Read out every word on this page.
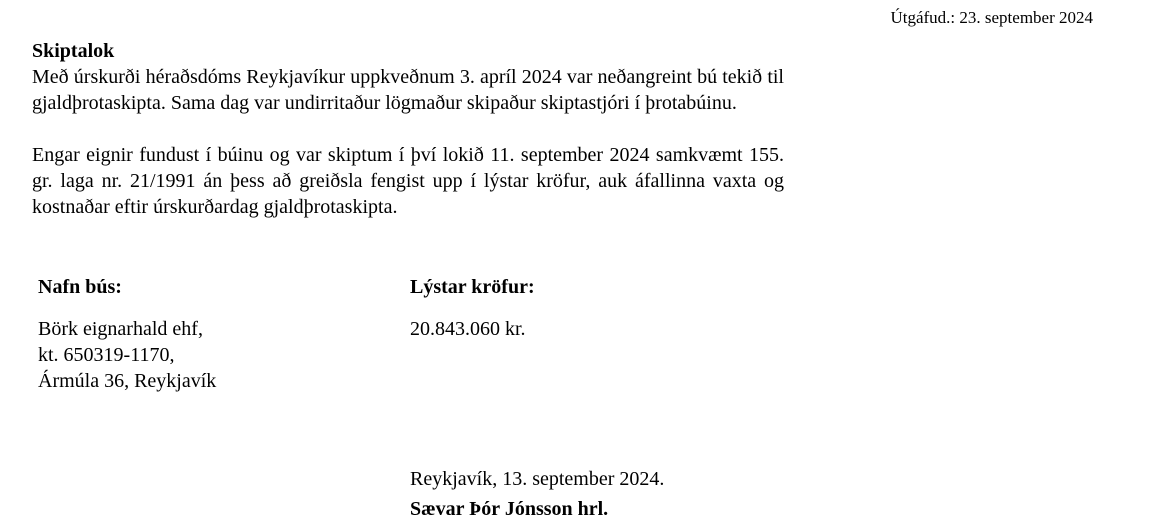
Útgáfud.: 23. september 2024
Skiptalok

Með úrskurði héraðsdóms Reykjavíkur uppkveðnum 3. apríl 2024 var neðangreint bú tekið til gjaldþrotaskipta. Sama dag var undirritaður lögmaður skipaður skiptastjóri í þrotabúinu.

Engar eignir fundust í búinu og var skiptum í því lokið 11. september 2024 samkvæmt 155. gr. laga nr. 21/1991 án þess að greiðsla fengist upp í lýstar kröfur, auk áfallinna vaxta og kostnaðar eftir úrskurðardag gjaldþrotaskipta.

Nafn bús:
Börk eignarhald ehf,
kt. 650319-1170,
Ármúla 36, Reykjavík
Lýstar kröfur:
20.843.060 kr.
Reykjavík, 13. september 2024.
Sævar Þór Jónsson hrl.
